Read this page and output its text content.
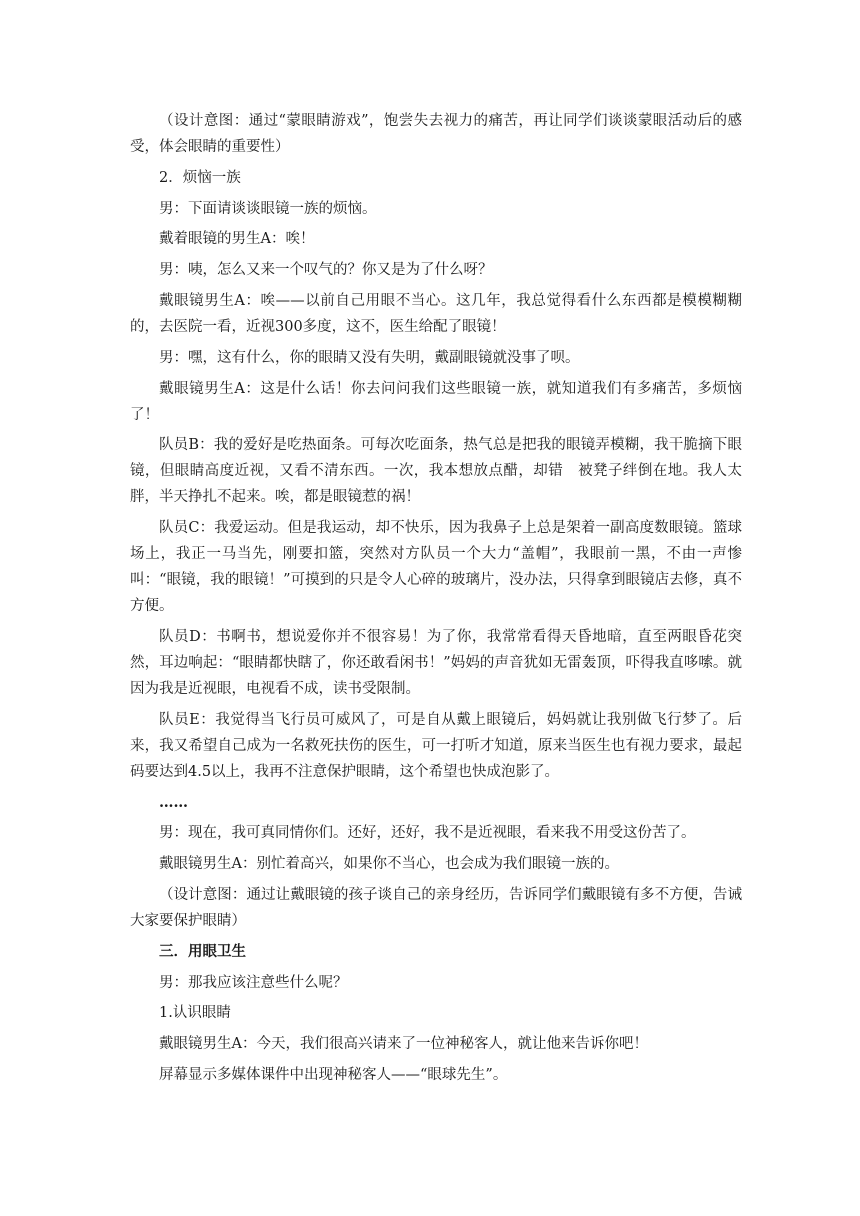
（设计意图：通过“蒙眼睛游戏”，饱尝失去视力的痛苦，再让同学们谈谈蒙眼活动后的感受，体会眼睛的重要性）

2．烦恼一族

男：下面请谈谈眼镜一族的烦恼。

戴着眼镜的男生A：唉！

男：咦，怎么又来一个叹气的？你又是为了什么呀？

戴眼镜男生A：唉——以前自己用眼不当心。这几年，我总觉得看什么东西都是模模糊糊的，去医院一看，近视300多度，这不，医生给配了眼镜！

男：嘿，这有什么，你的眼睛又没有失明，戴副眼镜就没事了呗。

戴眼镜男生A：这是什么话！你去问问我们这些眼镜一族，就知道我们有多痛苦，多烦恼了！

队员B：我的爱好是吃热面条。可每次吃面条，热气总是把我的眼镜弄模糊，我干脆摘下眼镜，但眼睛高度近视，又看不清东西。一次，我本想放点醋，却错　被凳子绊倒在地。我人太胖，半天挣扎不起来。唉，都是眼镜惹的祸！

队员C：我爱运动。但是我运动，却不快乐，因为我鼻子上总是架着一副高度数眼镜。篮球场上，我正一马当先，刚要扣篮，突然对方队员一个大力“盖帽”，我眼前一黑，不由一声惨叫：“眼镜，我的眼镜！”可摸到的只是令人心碎的玻璃片，没办法，只得拿到眼镜店去修，真不方便。

队员D：书啊书，想说爱你并不很容易！为了你，我常常看得天昏地暗，直至两眼昏花突然，耳边响起：“眼睛都快瞎了，你还敢看闲书！”妈妈的声音犹如无雷轰顶，吓得我直哆嗦。就因为我是近视眼，电视看不成，读书受限制。

队员E：我觉得当飞行员可威风了，可是自从戴上眼镜后，妈妈就让我别做飞行梦了。后来，我又希望自己成为一名救死扶伤的医生，可一打听才知道，原来当医生也有视力要求，最起码要达到4.5以上，我再不注意保护眼睛，这个希望也快成泡影了。

……

男：现在，我可真同情你们。还好，还好，我不是近视眼，看来我不用受这份苦了。

戴眼镜男生A：别忙着高兴，如果你不当心，也会成为我们眼镜一族的。

（设计意图：通过让戴眼镜的孩子谈自己的亲身经历，告诉同学们戴眼镜有多不方便，告诫大家要保护眼睛）

三．用眼卫生

男：那我应该注意些什么呢？

1.认识眼睛

戴眼镜男生A：今天，我们很高兴请来了一位神秘客人，就让他来告诉你吧！

屏幕显示多媒体课件中出现神秘客人——“眼球先生”。
